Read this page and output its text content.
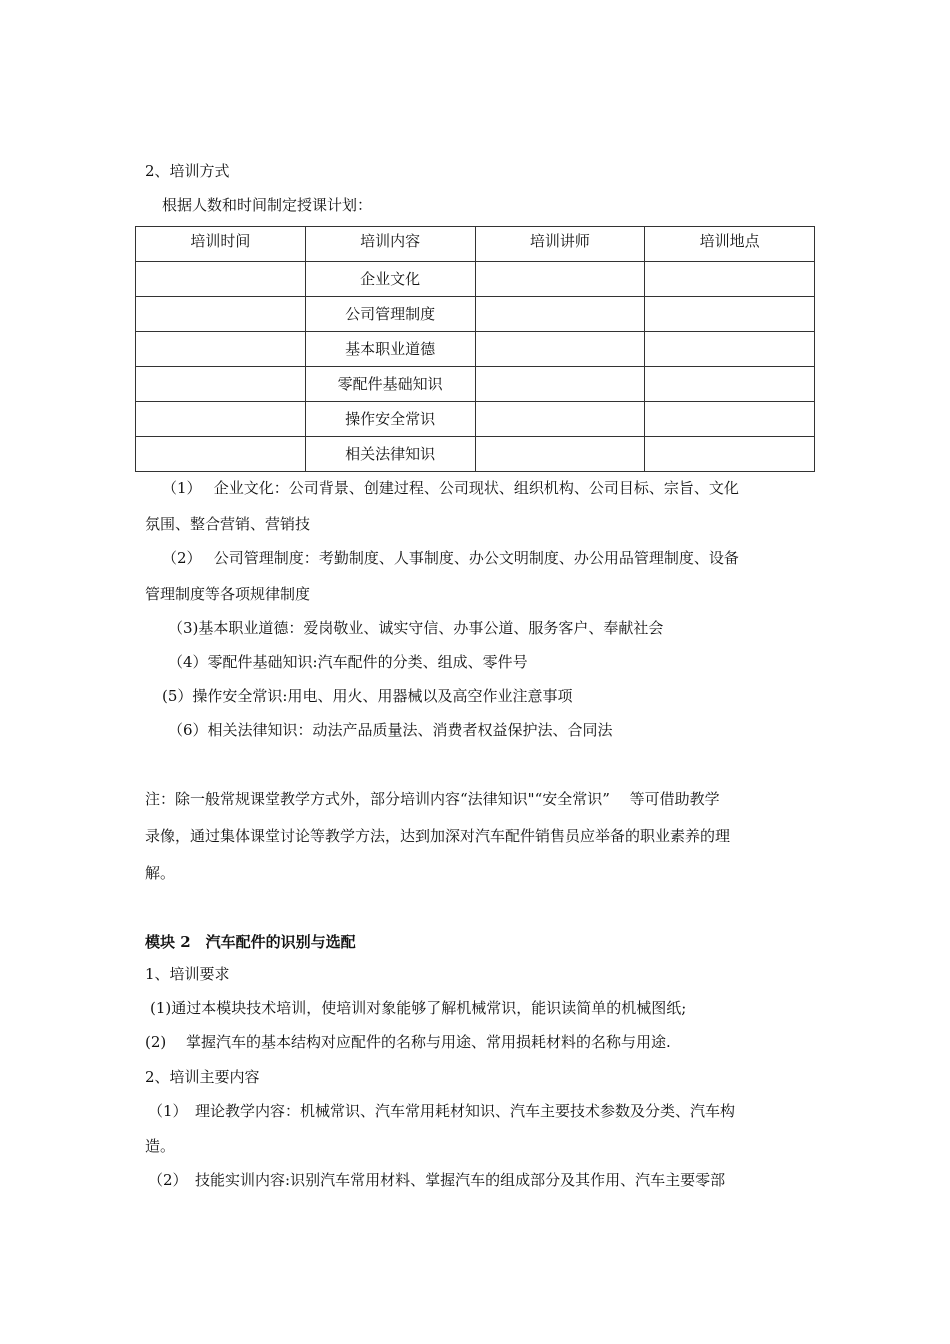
2、培训方式
根据人数和时间制定授课计划：
培训时间	培训内容	培训讲师	培训地点
	企业文化		
	公司管理制度		
	基本职业道德		
	零配件基础知识		
	操作安全常识		
	相关法律知识		
（1）　 企业文化：公司背景、创建过程、公司现状、组织机构、公司目标、宗旨、文化
氛围、整合营销、营销技
（2）　 公司管理制度：考勤制度、人事制度、办公文明制度、办公用品管理制度、设备
管理制度等各项规律制度
（3)基本职业道德：爱岗敬业、诚实守信、办事公道、服务客户、奉献社会
（4）零配件基础知识:汽车配件的分类、组成、零件号
(5）操作安全常识:用电、用火、用器械以及高空作业注意事项
（6）相关法律知识：动法产品质量法、消费者权益保护法、合同法
注：除一般常规课堂教学方式外，部分培训内容“法律知识"“安全常识”　 等可借助教学
录像，通过集体课堂讨论等教学方法，达到加深对汽车配件销售员应举备的职业素养的理
解。
模块 2　汽车配件的识别与选配
1、培训要求
(1)通过本模块技术培训，使培训对象能够了解机械常识，能识读简单的机械图纸;
(2)　 掌握汽车的基本结构对应配件的名称与用途、常用损耗材料的名称与用途.
2、培训主要内容
（1）　理论教学内容：机械常识、汽车常用耗材知识、汽车主要技术参数及分类、汽车构
造。
（2）　技能实训内容:识别汽车常用材料、掌握汽车的组成部分及其作用、汽车主要零部
